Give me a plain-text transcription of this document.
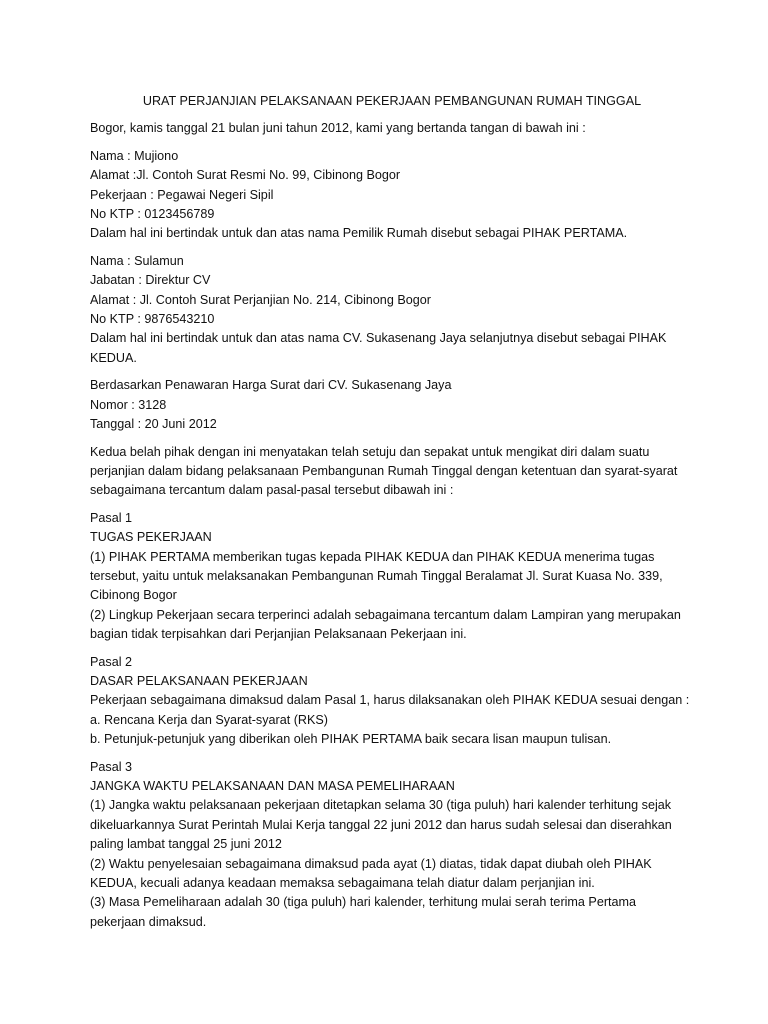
URAT PERJANJIAN PELAKSANAAN PEKERJAAN PEMBANGUNAN RUMAH TINGGAL
Bogor, kamis tanggal 21 bulan juni tahun 2012, kami yang bertanda tangan di bawah ini :
Nama : Mujiono
Alamat :Jl. Contoh Surat Resmi No. 99, Cibinong Bogor
Pekerjaan : Pegawai Negeri Sipil
No KTP : 0123456789
Dalam hal ini bertindak untuk dan atas nama Pemilik Rumah disebut sebagai PIHAK PERTAMA.
Nama : Sulamun
Jabatan : Direktur CV
Alamat : Jl. Contoh Surat Perjanjian No. 214, Cibinong Bogor
No KTP : 9876543210
Dalam hal ini bertindak untuk dan atas nama CV. Sukasenang Jaya selanjutnya disebut sebagai PIHAK
KEDUA.
Berdasarkan Penawaran Harga Surat dari CV. Sukasenang Jaya
Nomor : 3128
Tanggal : 20 Juni 2012
Kedua belah pihak dengan ini menyatakan telah setuju dan sepakat untuk mengikat diri dalam suatu
perjanjian dalam bidang pelaksanaan Pembangunan Rumah Tinggal dengan ketentuan dan syarat-syarat
sebagaimana tercantum dalam pasal-pasal tersebut dibawah ini :
Pasal 1
TUGAS PEKERJAAN
(1) PIHAK PERTAMA memberikan tugas kepada PIHAK KEDUA dan PIHAK KEDUA menerima tugas
tersebut, yaitu untuk melaksanakan Pembangunan Rumah Tinggal Beralamat Jl. Surat Kuasa No. 339,
Cibinong Bogor
(2) Lingkup Pekerjaan secara terperinci adalah sebagaimana tercantum dalam Lampiran yang merupakan
bagian tidak terpisahkan dari Perjanjian Pelaksanaan Pekerjaan ini.
Pasal 2
DASAR PELAKSANAAN PEKERJAAN
Pekerjaan sebagaimana dimaksud dalam Pasal 1, harus dilaksanakan oleh PIHAK KEDUA sesuai dengan :
a. Rencana Kerja dan Syarat-syarat (RKS)
b. Petunjuk-petunjuk yang diberikan oleh PIHAK PERTAMA baik secara lisan maupun tulisan.
Pasal 3
JANGKA WAKTU PELAKSANAAN DAN MASA PEMELIHARAAN
(1) Jangka waktu pelaksanaan pekerjaan ditetapkan selama 30 (tiga puluh) hari kalender terhitung sejak
dikeluarkannya Surat Perintah Mulai Kerja tanggal 22 juni 2012 dan harus sudah selesai dan diserahkan
paling lambat tanggal 25 juni 2012
(2) Waktu penyelesaian sebagaimana dimaksud pada ayat (1) diatas, tidak dapat diubah oleh PIHAK
KEDUA, kecuali adanya keadaan memaksa sebagaimana telah diatur dalam perjanjian ini.
(3) Masa Pemeliharaan adalah 30 (tiga puluh) hari kalender, terhitung mulai serah terima Pertama
pekerjaan dimaksud.
